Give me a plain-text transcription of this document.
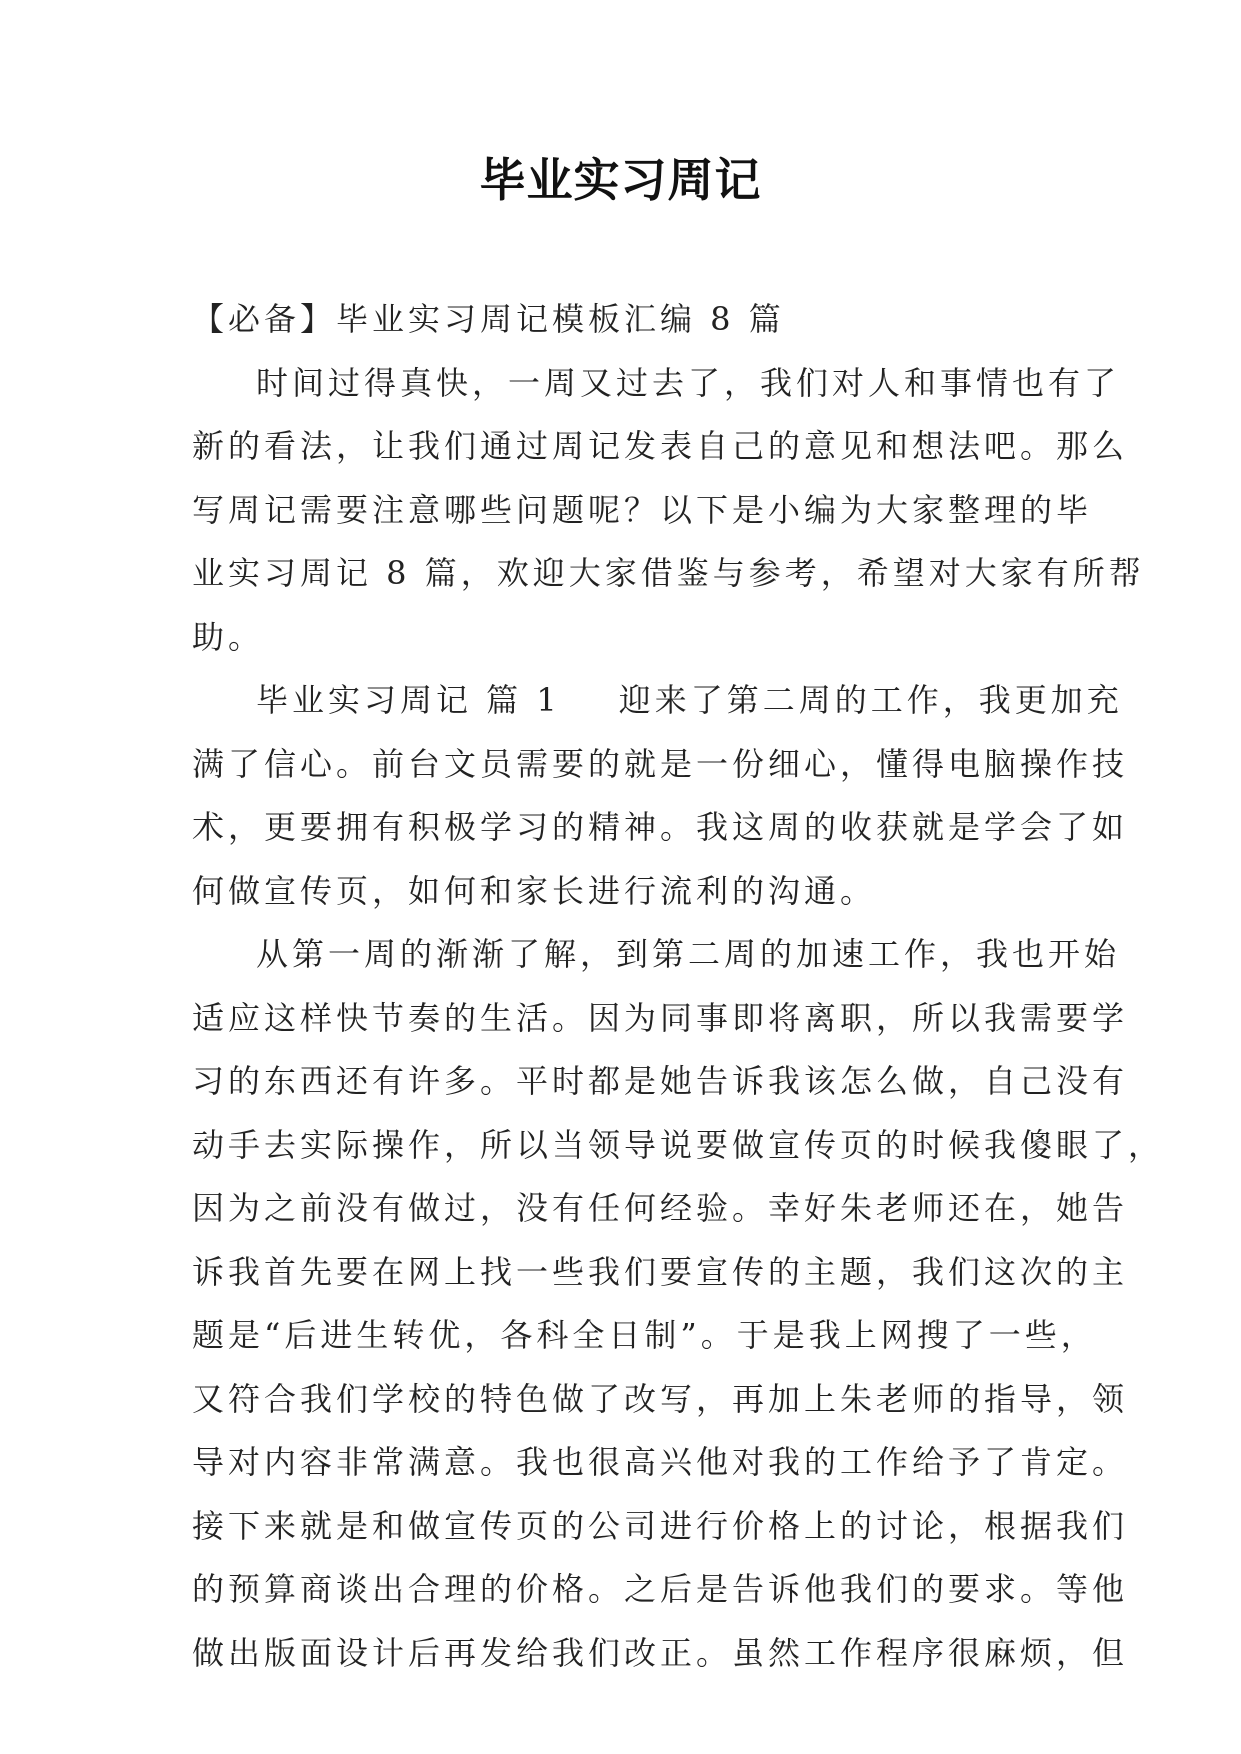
毕业实习周记
【必备】毕业实习周记模板汇编 8 篇
时间过得真快，一周又过去了，我们对人和事情也有了
新的看法，让我们通过周记发表自己的意见和想法吧。那么
写周记需要注意哪些问题呢？以下是小编为大家整理的毕
业实习周记 8 篇，欢迎大家借鉴与参考，希望对大家有所帮
助。
毕业实习周记 篇 1 迎来了第二周的工作，我更加充
满了信心。前台文员需要的就是一份细心，懂得电脑操作技
术，更要拥有积极学习的精神。我这周的收获就是学会了如
何做宣传页，如何和家长进行流利的沟通。
从第一周的渐渐了解，到第二周的加速工作，我也开始
适应这样快节奏的生活。因为同事即将离职，所以我需要学
习的东西还有许多。平时都是她告诉我该怎么做，自己没有
动手去实际操作，所以当领导说要做宣传页的时候我傻眼了，
因为之前没有做过，没有任何经验。幸好朱老师还在，她告
诉我首先要在网上找一些我们要宣传的主题，我们这次的主
题是“后进生转优，各科全日制”。于是我上网搜了一些，
又符合我们学校的特色做了改写，再加上朱老师的指导，领
导对内容非常满意。我也很高兴他对我的工作给予了肯定。
接下来就是和做宣传页的公司进行价格上的讨论，根据我们
的预算商谈出合理的价格。之后是告诉他我们的要求。等他
做出版面设计后再发给我们改正。虽然工作程序很麻烦，但
